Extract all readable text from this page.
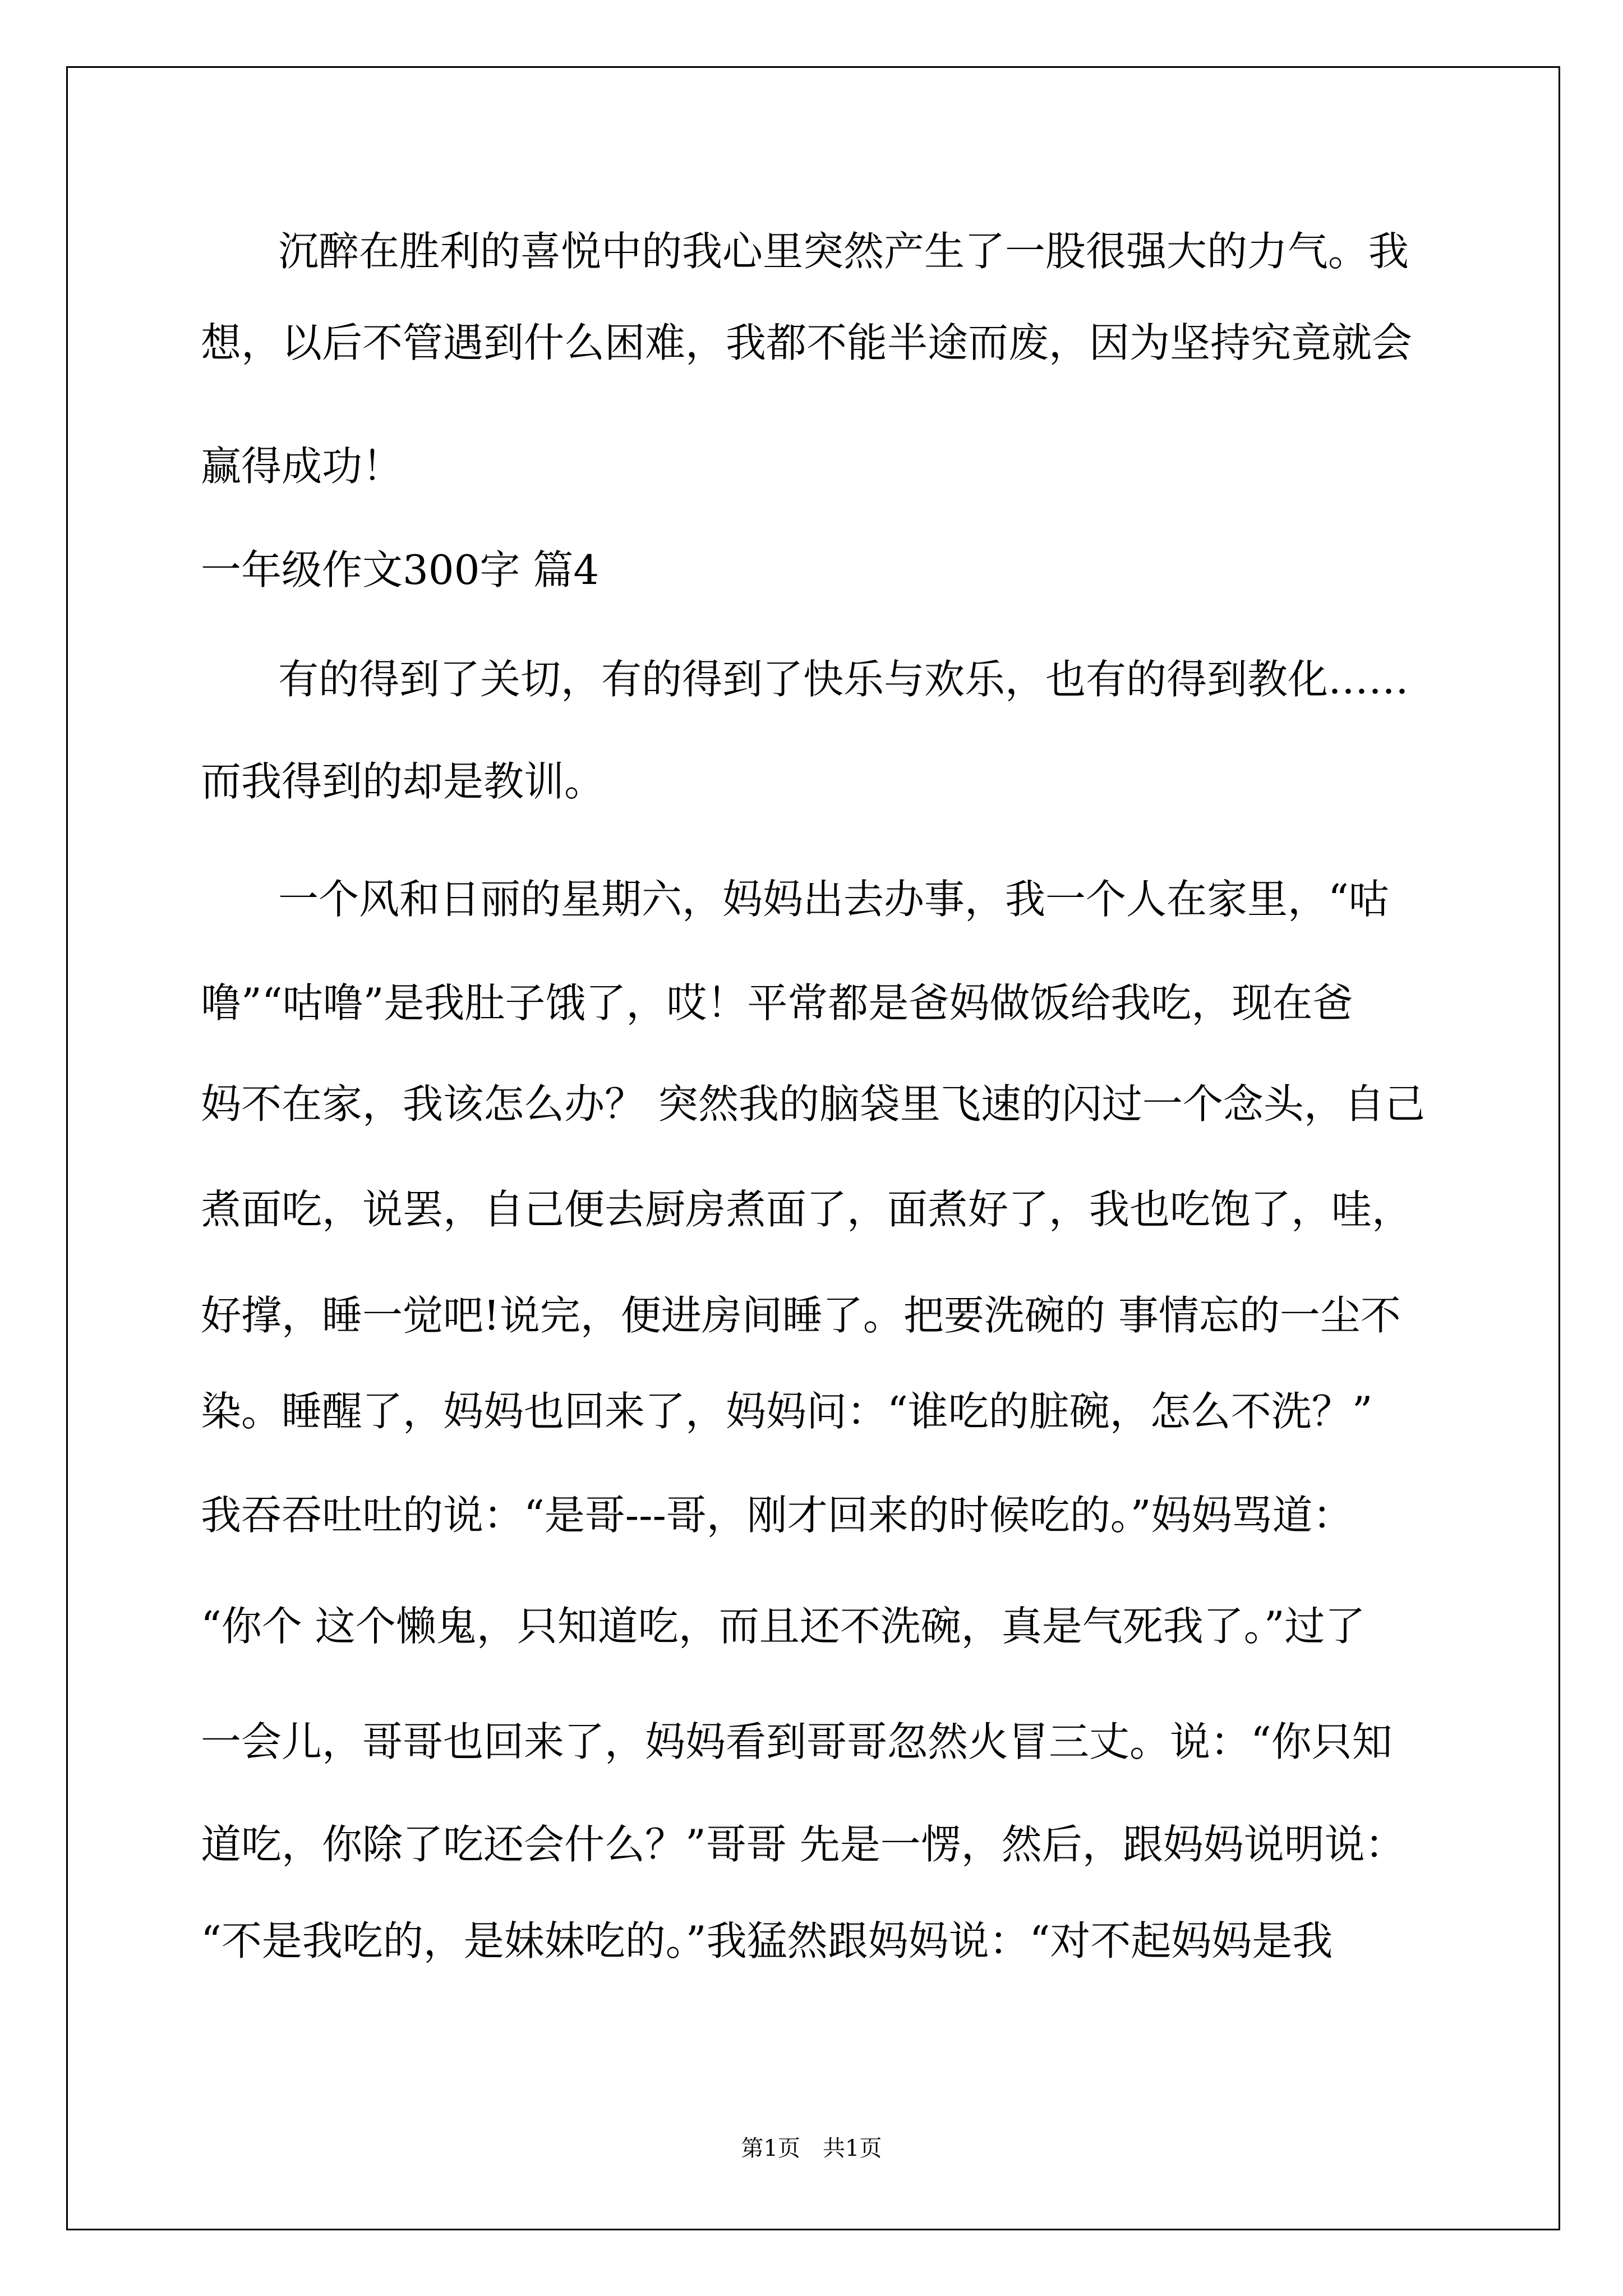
沉醉在胜利的喜悦中的我心里突然产生了一股很强大的力气。我

想，以后不管遇到什么困难，我都不能半途而废，因为坚持究竟就会

赢得成功！

一年级作文300字 篇4

有的得到了关切，有的得到了快乐与欢乐，也有的得到教化……

而我得到的却是教训。

一个风和日丽的星期六，妈妈出去办事，我一个人在家里，“咕

噜”“咕噜”是我肚子饿了，哎！平常都是爸妈做饭给我吃，现在爸

妈不在家，我该怎么办？ 突然我的脑袋里飞速的闪过一个念头，自己

煮面吃，说罢，自己便去厨房煮面了，面煮好了，我也吃饱了，哇，

好撑，睡一觉吧!说完，便进房间睡了。把要洗碗的 事情忘的一尘不

染。睡醒了，妈妈也回来了，妈妈问：“谁吃的脏碗，怎么不洗？”

我吞吞吐吐的说：“是哥---哥，刚才回来的时候吃的。”妈妈骂道：

“你个 这个懒鬼，只知道吃，而且还不洗碗，真是气死我了。”过了

一会儿，哥哥也回来了，妈妈看到哥哥忽然火冒三丈。说：“你只知

道吃，你除了吃还会什么？”哥哥 先是一愣，然后，跟妈妈说明说：

“不是我吃的，是妹妹吃的。”我猛然跟妈妈说：“对不起妈妈是我

第1页　共1页
